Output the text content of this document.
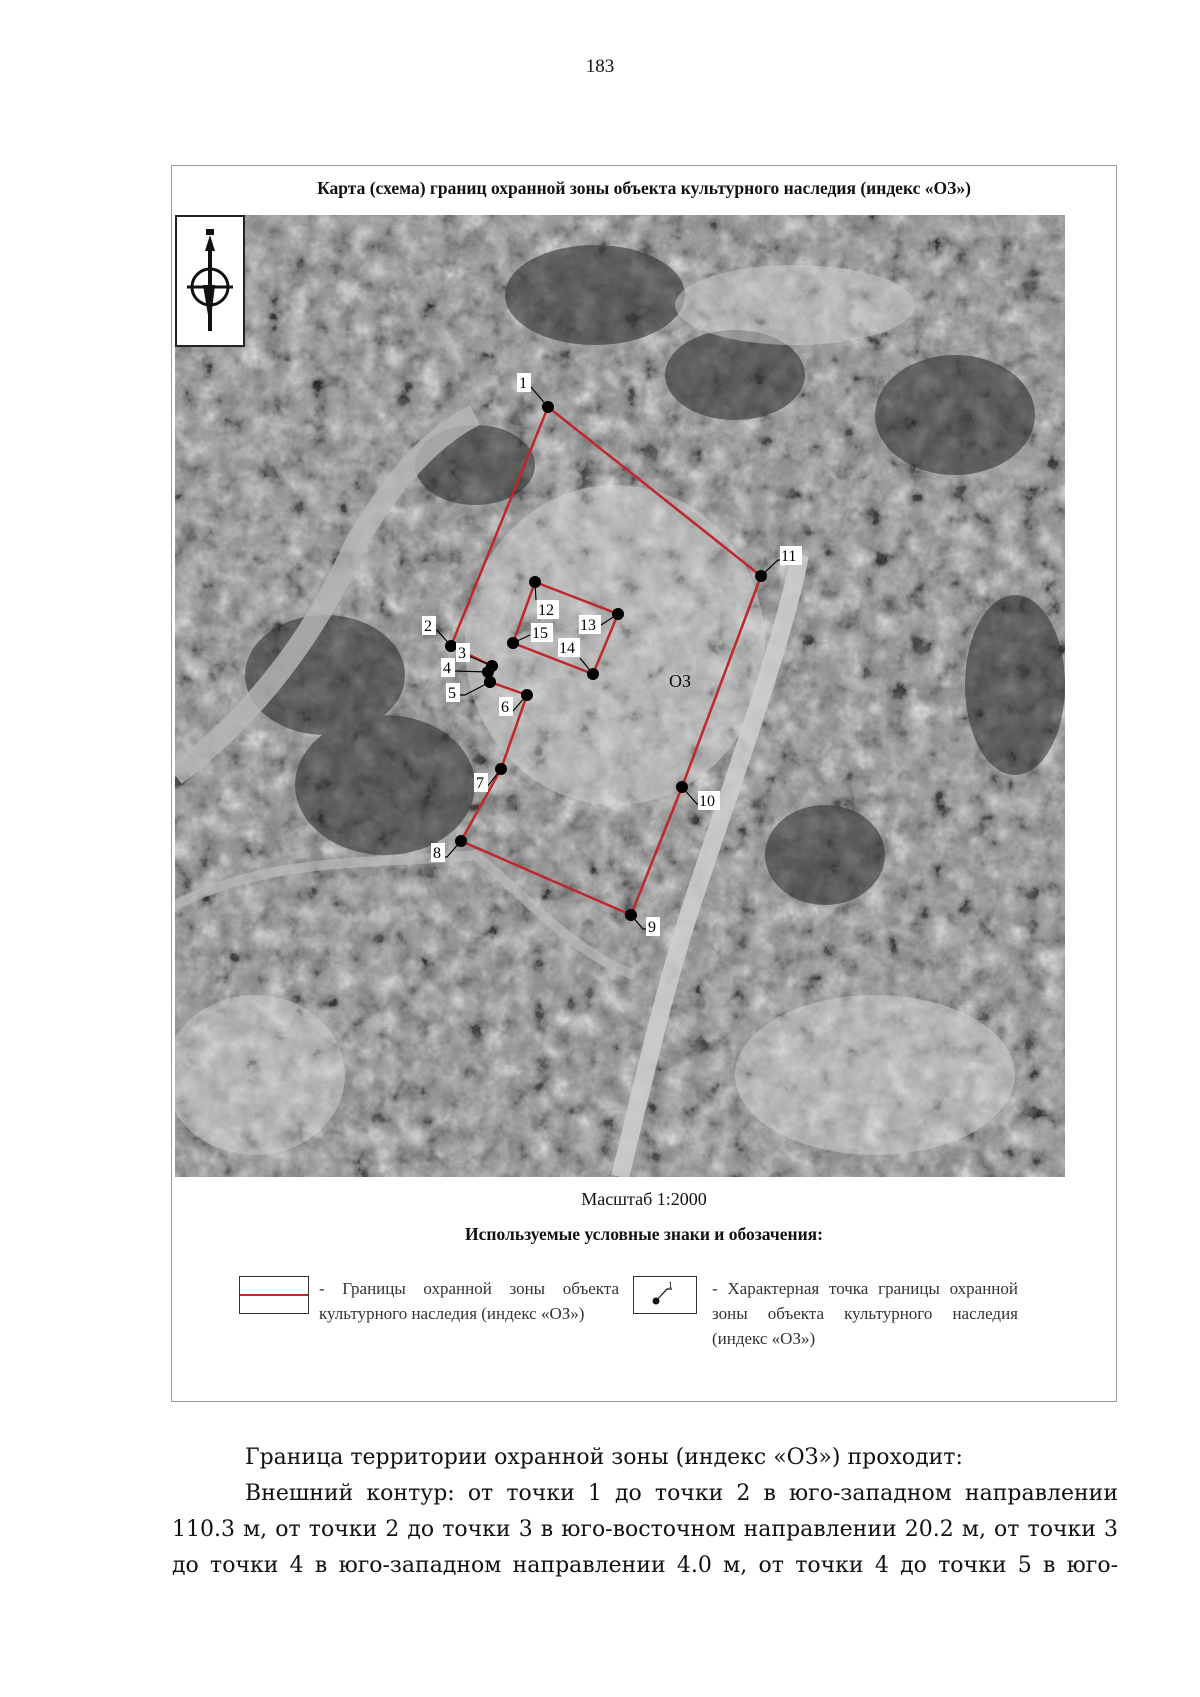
183
Карта (схема) границ охранной зоны объекта культурного наследия (индекс «ОЗ»)
1
2
3
4
5
6
7
8
9
10
11
12
13
14
15
ОЗ
Масштаб 1:2000
Используемые условные знаки и обозачения:
- Границы охранной зоны объекта культурного наследия (индекс «ОЗ»)
1 - Характерная точка границы охранной зоны объекта культурного наследия (индекс «ОЗ»)

Граница территории охранной зоны (индекс «ОЗ») проходит:

Внешний контур: от точки 1 до точки 2 в юго-западном направлении 110.3 м, от точки 2 до точки 3 в юго-восточном направлении 20.2 м, от точки 3 до точки 4 в юго-западном направлении 4.0 м, от точки 4 до точки 5 в юго-
